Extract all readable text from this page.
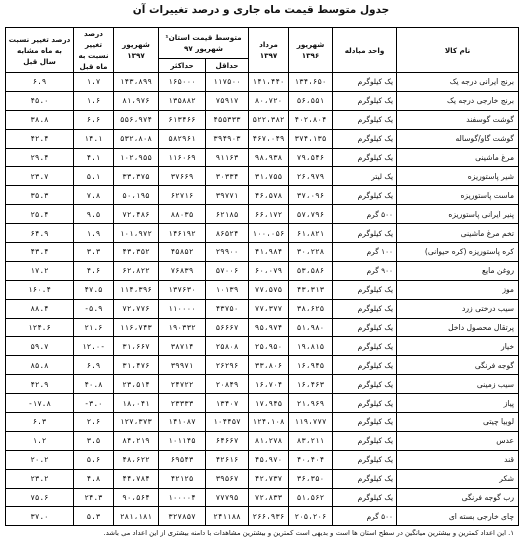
جدول متوسط قیمت ماه جاری و درصد تغییرات آن
نام کالا	واحد مبادله	شهریور ۱۳۹۶	مرداد ۱۳۹۷	متوسط قیمت استان¹ شهریور ۹۷		شهریور ۱۳۹۷	درصد تغییر نسبت به ماه قبل	درصد تغییر نسبت به ماه مشابه سال قبل
				حداقل	حداکثر			
برنج ایرانی درجه یک	یک کیلوگرم	۱۳۴،۶۵۰	۱۴۱،۴۴۰	۱۱۷۵۰۰	۱۶۵۰۰۰	۱۴۳،۸۹۹	۱.۷	۶.۹
برنج خارجی درجه یک	یک کیلوگرم	۵۶،۵۵۱	۸۰،۷۲۰	۷۵۹۱۷	۱۳۵۸۸۲	۸۱،۹۷۶	۱.۶	۴۵.۰
گوشت گوسفند	یک کیلوگرم	۴۰۲،۸۰۴	۵۲۲،۳۸۲	۴۵۵۳۳۳	۶۱۳۴۶۶	۵۵۶،۹۷۴	۶.۶	۳۸.۸
گوشت گاو/گوساله	یک کیلوگرم	۳۷۴،۱۳۵	۴۶۷،۰۴۹	۳۹۴۹۰۳	۵۸۲۹۶۱	۵۳۲،۸۰۸	۱۴.۱	۴۲.۴
مرغ ماشینی	یک کیلوگرم	۷۹،۵۴۶	۹۸،۹۳۸	۹۱۱۶۳	۱۱۶۰۶۹	۱۰۲،۹۵۵	۴.۱	۲۹.۴
شیر پاستوریزه	یک لیتر	۲۶،۹۷۹	۳۱،۷۵۵	۳۰۳۳۴	۳۷۶۶۹	۳۳،۳۷۵	۵.۱	۲۳.۷
ماست پاستوریزه	یک کیلوگرم	۳۷،۰۹۶	۴۶،۵۷۸	۳۹۷۷۱	۶۲۷۱۶	۵۰،۱۹۵	۷.۸	۳۵.۳
پنیر ایرانی پاستوریزه	۵۰۰ گرم	۵۷،۷۹۶	۶۶،۱۷۲	۶۲۱۸۵	۸۸۰۳۵	۷۲،۴۸۶	۹.۵	۲۵.۴
تخم مرغ ماشینی	یک کیلوگرم	۶۱،۸۲۱	۱۰۰،۰۵۶	۸۶۵۲۴	۱۴۶۱۹۲	۱۰۱،۹۷۲	۱.۹	۶۴.۹
کره پاستوریزه (کره حیوانی)	۱۰۰ گرم	۳۰،۲۲۸	۴۱،۹۸۴	۲۹۹۰۰	۴۵۸۵۲	۴۳،۳۵۲	۳.۳	۴۳.۴
روغن مایع	۹۰۰ گرم	۵۳،۵۸۶	۶۰،۰۷۹	۵۷۰۰۶	۷۶۸۳۹	۶۲،۸۲۲	۴.۶	۱۷.۲
موز	یک کیلوگرم	۴۳،۳۱۳	۷۷،۵۷۵	۱۰۱۳۹	۱۳۷۶۳۰	۱۱۴،۳۹۶	۴۷.۵	۱۶۰.۴
سیب درختی زرد	یک کیلوگرم	۳۸،۶۲۵	۷۷،۳۷۷	۴۳۷۵۰	۱۱۰۰۰۰	۷۲،۷۷۶	-۵.۹	۸۸.۴
پرتقال محصول داخل	یک کیلوگرم	۵۱،۹۸۰	۹۵،۹۷۴	۵۶۶۶۷	۱۹۰۳۳۲	۱۱۶،۷۴۳	۲۱.۶	۱۲۴.۶
خیار	یک کیلوگرم	۱۹،۸۱۵	۲۵،۹۵۰	۲۵۸۰۸	۳۸۷۱۴	۳۱،۶۶۷	۱۲.۰-	۵۹.۷
گوجه فرنگی	یک کیلوگرم	۱۶،۹۴۵	۳۳،۸۰۶	۲۶۲۹۶	۳۹۹۷۱	۳۱،۴۷۶	۶.۹	۸۵.۸
سیب زمینی	یک کیلوگرم	۱۶،۴۶۳	۱۶،۷۰۴	۲۰۸۴۹	۲۴۷۲۲	۲۳،۵۱۴	۴۰.۸	۴۲.۹
پیاز	یک کیلوگرم	۲۱،۹۶۹	۱۷،۹۴۵	۱۳۴۰۷	۲۳۳۳۳	۱۸،۰۴۱	-۳.۰	-۱۷.۸
لوبیا چیتی	یک کیلوگرم	۱۱۹،۷۷۷	۱۲۴،۱۰۸	۱۰۴۴۵۷	۱۴۱۰۸۷	۱۲۷،۳۷۳	۲.۶	۶.۳
عدس	یک کیلوگرم	۸۳،۲۱۱	۸۱،۲۷۸	۶۴۶۶۷	۱۰۱۱۴۵	۸۴،۲۱۹	۳.۵	۱.۲
قند	یک کیلوگرم	۴۰،۴۰۴	۴۵،۹۷۰	۴۲۶۱۶	۶۹۵۴۳	۴۸،۶۲۲	۵.۶	۲۰.۲
شکر	یک کیلوگرم	۳۶،۳۵۰	۴۲،۷۳۷	۳۹۵۶۷	۴۲۱۲۵	۴۴،۷۸۴	۴.۸	۲۳.۲
رب گوجه فرنگی	یک کیلوگرم	۵۱،۵۶۲	۷۲،۸۳۳	۷۷۷۹۵	۱۰۰۰۰۴	۹۰،۵۶۴	۲۴.۳	۷۵.۶
چای خارجی بسته ای	۵۰۰ گرم	۲۰۵،۲۰۶	۲۶۶،۹۳۶	۲۴۱۱۸۸	۳۲۷۸۵۷	۲۸۱،۱۸۱	۵.۳	۳۷.۰
۱. این اعداد کمترین و بیشترین میانگین در سطح استان ها است و بدیهی است کمترین و بیشترین مشاهدات با دامنه بیشتری از این اعداد می باشد.
